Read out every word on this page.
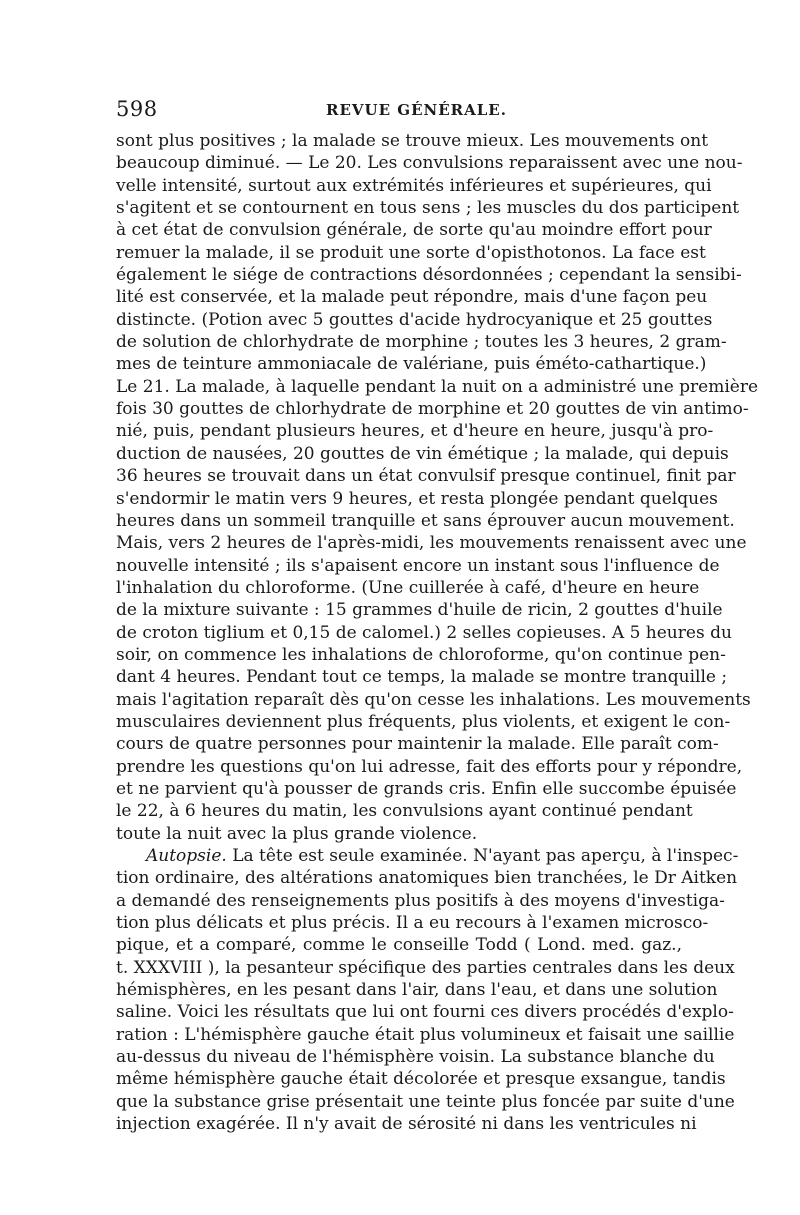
598	REVUE GÉNÉRALE.
sont plus positives ; la malade se trouve mieux. Les mouvements ont
beaucoup diminué. — Le 20. Les convulsions reparaissent avec une nou-
velle intensité, surtout aux extrémités inférieures et supérieures, qui
s'agitent et se contournent en tous sens ; les muscles du dos participent
à cet état de convulsion générale, de sorte qu'au moindre effort pour
remuer la malade, il se produit une sorte d'opisthotonos. La face est
également le siége de contractions désordonnées ; cependant la sensibi-
lité est conservée, et la malade peut répondre, mais d'une façon peu
distincte. (Potion avec 5 gouttes d'acide hydrocyanique et 25 gouttes
de solution de chlorhydrate de morphine ; toutes les 3 heures, 2 gram-
mes de teinture ammoniacale de valériane, puis éméto-cathartique.)
Le 21. La malade, à laquelle pendant la nuit on a administré une première
fois 30 gouttes de chlorhydrate de morphine et 20 gouttes de vin antimo-
nié, puis, pendant plusieurs heures, et d'heure en heure, jusqu'à pro-
duction de nausées, 20 gouttes de vin émétique ; la malade, qui depuis
36 heures se trouvait dans un état convulsif presque continuel, finit par
s'endormir le matin vers 9 heures, et resta plongée pendant quelques
heures dans un sommeil tranquille et sans éprouver aucun mouvement.
Mais, vers 2 heures de l'après-midi, les mouvements renaissent avec une
nouvelle intensité ; ils s'apaisent encore un instant sous l'influence de
l'inhalation du chloroforme. (Une cuillerée à café, d'heure en heure
de la mixture suivante : 15 grammes d'huile de ricin, 2 gouttes d'huile
de croton tiglium et 0,15 de calomel.) 2 selles copieuses. A 5 heures du
soir, on commence les inhalations de chloroforme, qu'on continue pen-
dant 4 heures. Pendant tout ce temps, la malade se montre tranquille ;
mais l'agitation reparaît dès qu'on cesse les inhalations. Les mouvements
musculaires deviennent plus fréquents, plus violents, et exigent le con-
cours de quatre personnes pour maintenir la malade. Elle paraît com-
prendre les questions qu'on lui adresse, fait des efforts pour y répondre,
et ne parvient qu'à pousser de grands cris. Enfin elle succombe épuisée
le 22, à 6 heures du matin, les convulsions ayant continué pendant
toute la nuit avec la plus grande violence.
Autopsie. La tête est seule examinée. N'ayant pas aperçu, à l'inspec-
tion ordinaire, des altérations anatomiques bien tranchées, le Dr Aitken
a demandé des renseignements plus positifs à des moyens d'investiga-
tion plus délicats et plus précis. Il a eu recours à l'examen microsco-
pique, et a comparé, comme le conseille Todd ( Lond. med. gaz.,
t. XXXVIII ), la pesanteur spécifique des parties centrales dans les deux
hémisphères, en les pesant dans l'air, dans l'eau, et dans une solution
saline. Voici les résultats que lui ont fourni ces divers procédés d'explo-
ration : L'hémisphère gauche était plus volumineux et faisait une saillie
au-dessus du niveau de l'hémisphère voisin. La substance blanche du
même hémisphère gauche était décolorée et presque exsangue, tandis
que la substance grise présentait une teinte plus foncée par suite d'une
injection exagérée. Il n'y avait de sérosité ni dans les ventricules ni
